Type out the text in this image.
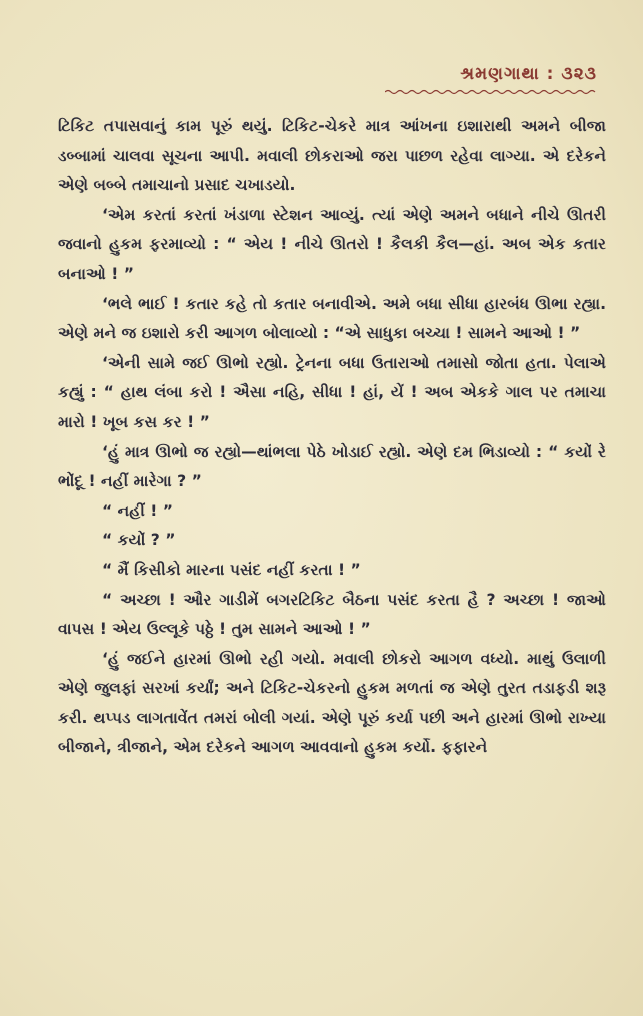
શ્રમણગાથા : ૩૨૩

ટિકિટ તપાસવાનું કામ પૂરું થયું. ટિકિટ-ચેકરે માત્ર આંખના ઇશારાથી અમને બીજા ડબ્બામાં ચાલવા સૂચના આપી. મવાલી છોકરાઓ જરા પાછળ રહેવા લાગ્યા. એ દરેકને એણે બબ્બે તમાચાનો પ્રસાદ ચખાડયો.

‘એમ કરતાં કરતાં ખંડાળા સ્ટેશન આવ્યું. ત્યાં એણે અમને બધાને નીચે ઊતરી જવાનો હુકમ ફરમાવ્યો : “ એય ! નીચે ઊતરો ! કૈલકી કૈલ—હાં. અબ એક કતાર બનાઓ ! ”

‘ભલે ભાઈ ! કતાર કહે તો કતાર બનાવીએ. અમે બધા સીધા હારબંધ ઊભા રહ્યા. એણે મને જ ઇશારો કરી આગળ બોલાવ્યો : “એ સાધુકા બચ્ચા ! સામને આઓ ! ”

‘એની સામે જઈ ઊભો રહ્યો. ટ્રેનના બધા ઉતારાઓ તમાસો જોતા હતા. પેલાએ કહ્યું : “ હાથ લંબા કરો ! ઐસા નહિ, સીધા ! હાં, યેં ! અબ એકકે ગાલ પર તમાચા મારો ! ખૂબ કસ કર ! ”

‘હું માત્ર ઊભો જ રહ્યો—થાંભલા પેઠે ખોડાઈ રહ્યો. એણે દમ ભિડાવ્યો : “ કયોં રે ભોંદૂ ! નહીં મારેગા ? ”

“ નહીં ! ”

“ કયોં ? ”

“ મૈં કિસીકો મારના પસંદ નહીં કરતા ! ”

“ અચ્છા ! ઔર ગાડીમેં બગરટિકિટ બૈઠના પસંદ કરતા હૈ ? અચ્છા ! જાઓ વાપસ ! એય ઉલ્લૂકે પઠ્ઠે ! તુમ સામને આઓ ! ”

‘હું જઈને હારમાં ઊભો રહી ગયો. મવાલી છોકરો આગળ વધ્યો. માથું ઉલાળી એણે જુલફાં સરખાં કર્યાં; અને ટિકિટ-ચેકરનો હુકમ મળતાં જ એણે તુરત તડાફડી શરૂ કરી. થપ્પડ લાગતાવેંત તમરાં બોલી ગયાં. એણે પૂરું કર્યા પછી અને હારમાં ઊભો રાખ્યા બીજાને, ત્રીજાને, એમ દરેકને આગળ આવવાનો હુકમ કર્યો. ફફારને
